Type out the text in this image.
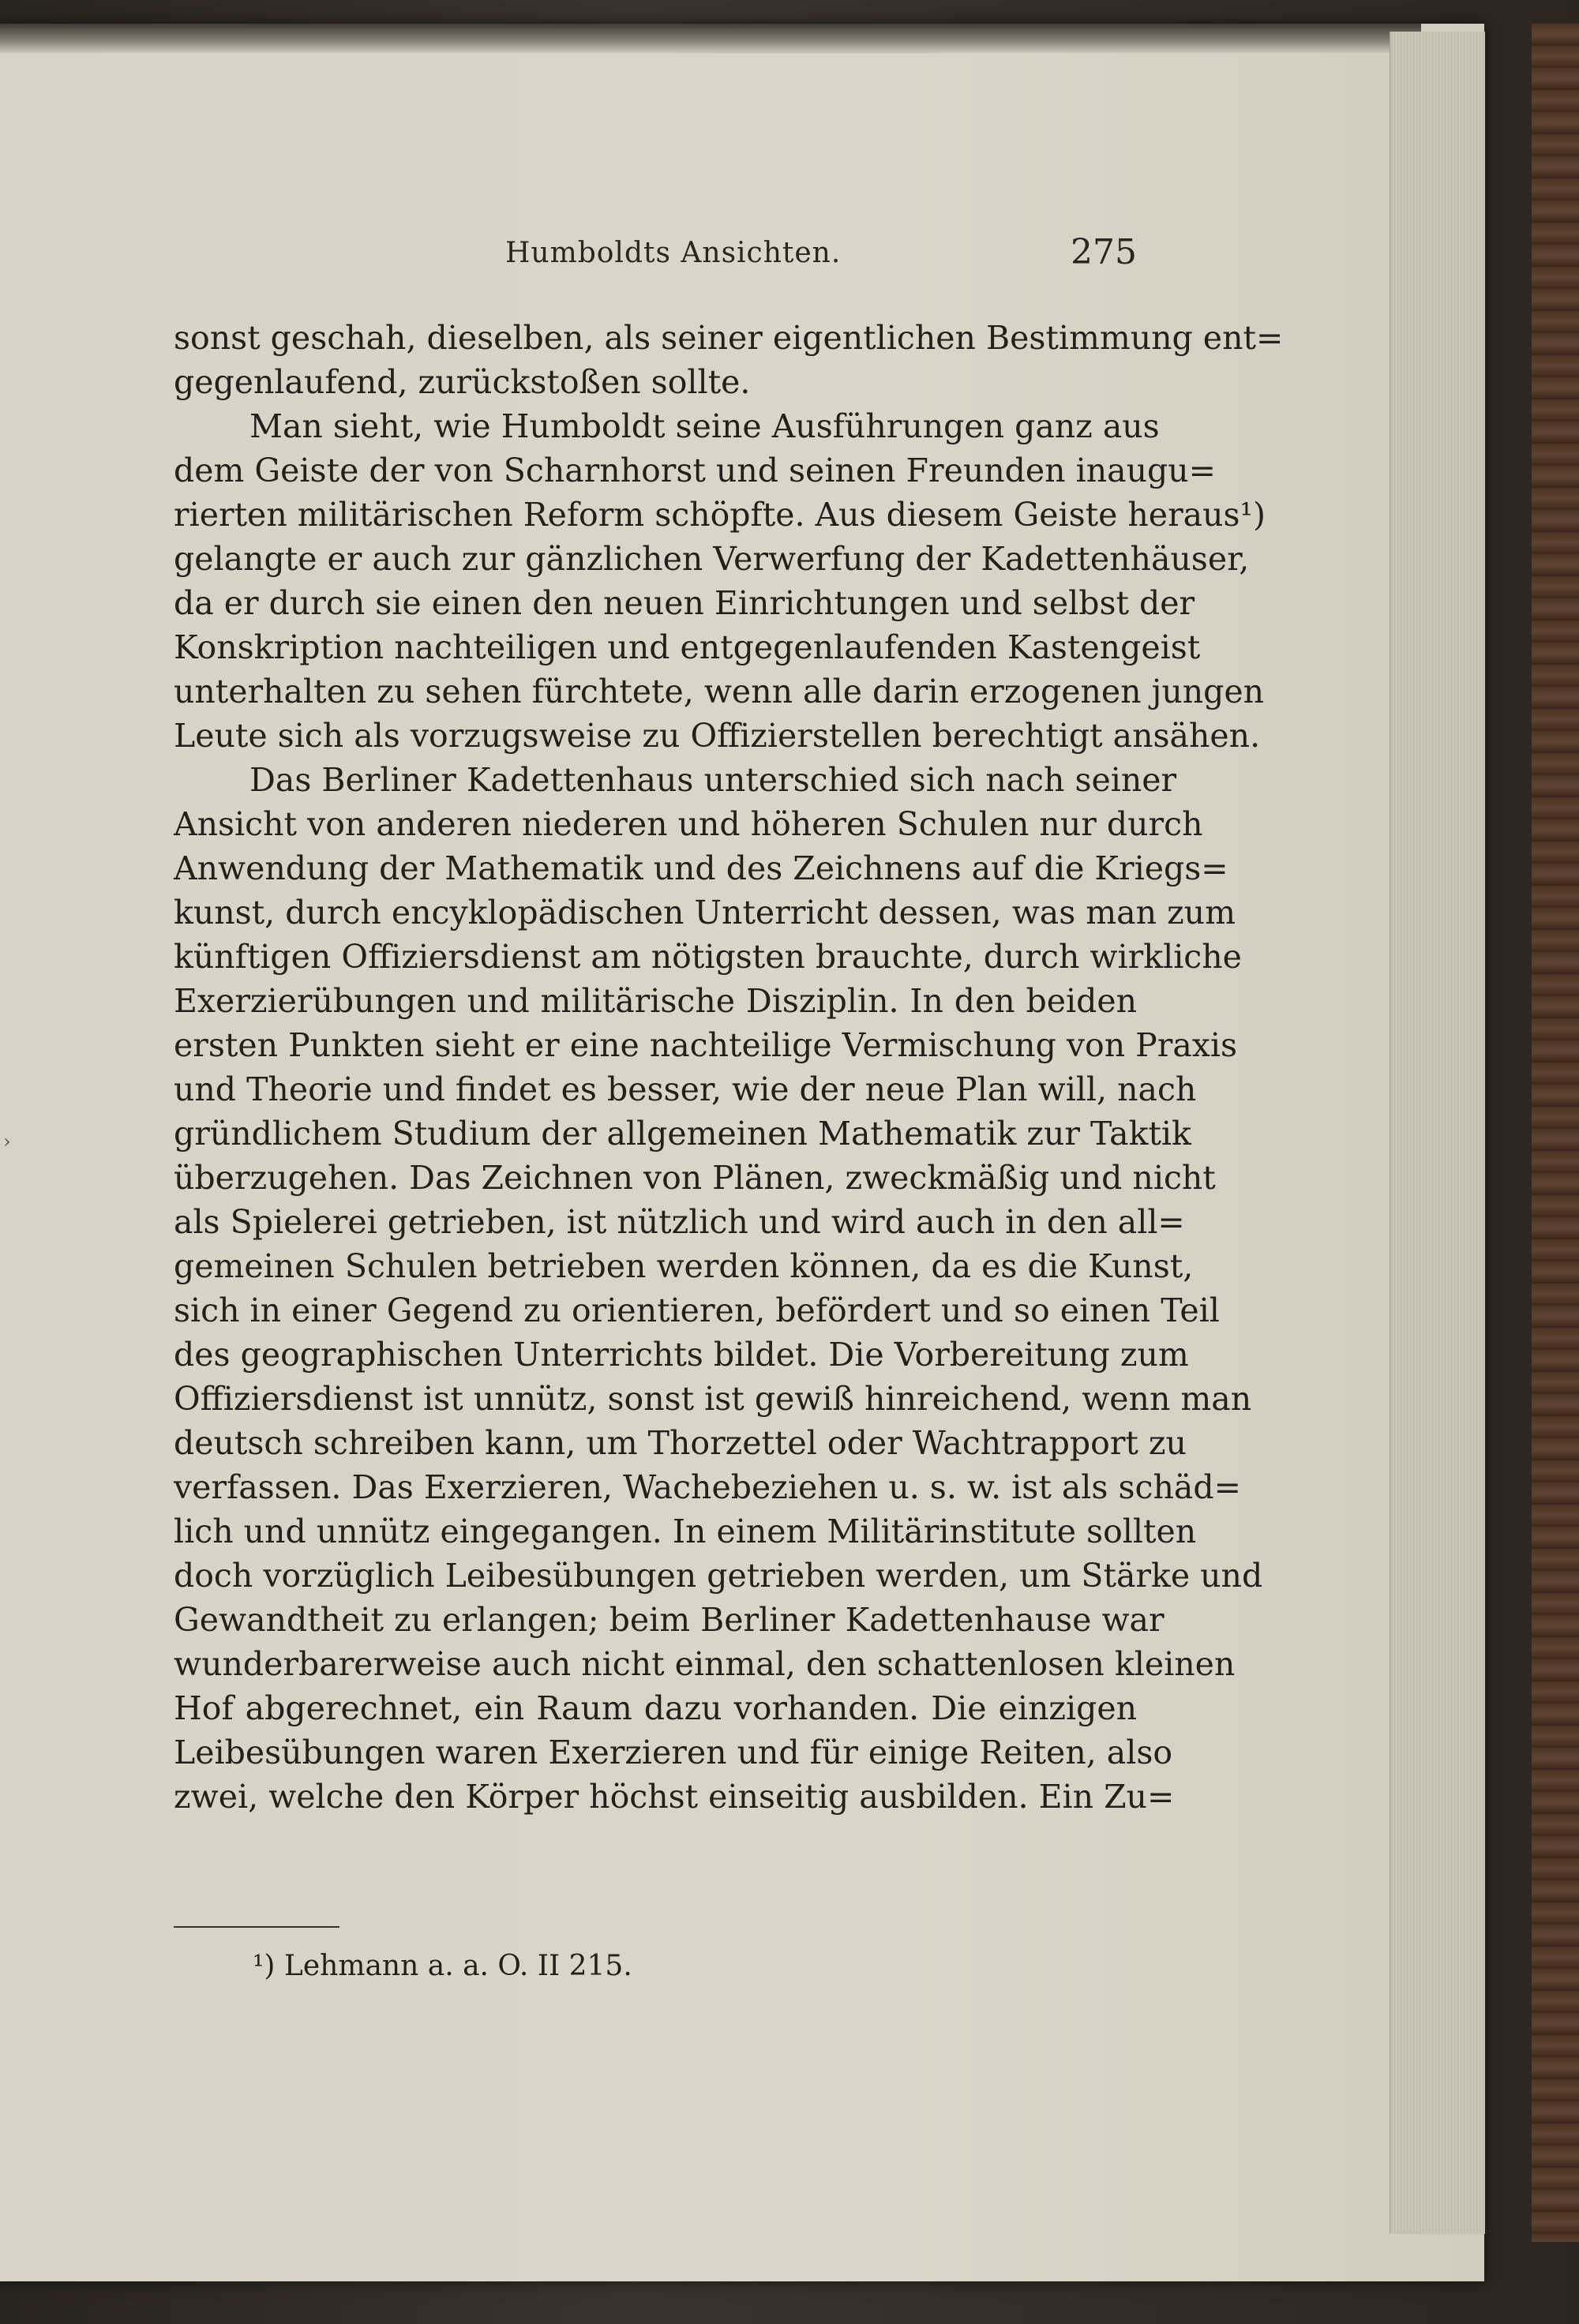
Humboldts Ansichten.	275
sonst geschah, dieselben, als seiner eigentlichen Bestimmung ent=
gegenlaufend, zurückstoßen sollte.
Man sieht, wie Humboldt seine Ausführungen ganz aus
dem Geiste der von Scharnhorst und seinen Freunden inaugu=
rierten militärischen Reform schöpfte. Aus diesem Geiste heraus¹)
gelangte er auch zur gänzlichen Verwerfung der Kadettenhäuser,
da er durch sie einen den neuen Einrichtungen und selbst der
Konskription nachteiligen und entgegenlaufenden Kastengeist
unterhalten zu sehen fürchtete, wenn alle darin erzogenen jungen
Leute sich als vorzugsweise zu Offizierstellen berechtigt ansähen.
Das Berliner Kadettenhaus unterschied sich nach seiner
Ansicht von anderen niederen und höheren Schulen nur durch
Anwendung der Mathematik und des Zeichnens auf die Kriegs=
kunst, durch encyklopädischen Unterricht dessen, was man zum
künftigen Offiziersdienst am nötigsten brauchte, durch wirkliche
Exerzierübungen und militärische Disziplin. In den beiden
ersten Punkten sieht er eine nachteilige Vermischung von Praxis
und Theorie und findet es besser, wie der neue Plan will, nach
gründlichem Studium der allgemeinen Mathematik zur Taktik
überzugehen. Das Zeichnen von Plänen, zweckmäßig und nicht
als Spielerei getrieben, ist nützlich und wird auch in den all=
gemeinen Schulen betrieben werden können, da es die Kunst,
sich in einer Gegend zu orientieren, befördert und so einen Teil
des geographischen Unterrichts bildet. Die Vorbereitung zum
Offiziersdienst ist unnütz, sonst ist gewiß hinreichend, wenn man
deutsch schreiben kann, um Thorzettel oder Wachtrapport zu
verfassen. Das Exerzieren, Wachebeziehen u. s. w. ist als schäd=
lich und unnütz eingegangen. In einem Militärinstitute sollten
doch vorzüglich Leibesübungen getrieben werden, um Stärke und
Gewandtheit zu erlangen; beim Berliner Kadettenhause war
wunderbarerweise auch nicht einmal, den schattenlosen kleinen
Hof abgerechnet, ein Raum dazu vorhanden. Die einzigen
Leibesübungen waren Exerzieren und für einige Reiten, also
zwei, welche den Körper höchst einseitig ausbilden. Ein Zu=
¹) Lehmann a. a. O. II 215.
›
